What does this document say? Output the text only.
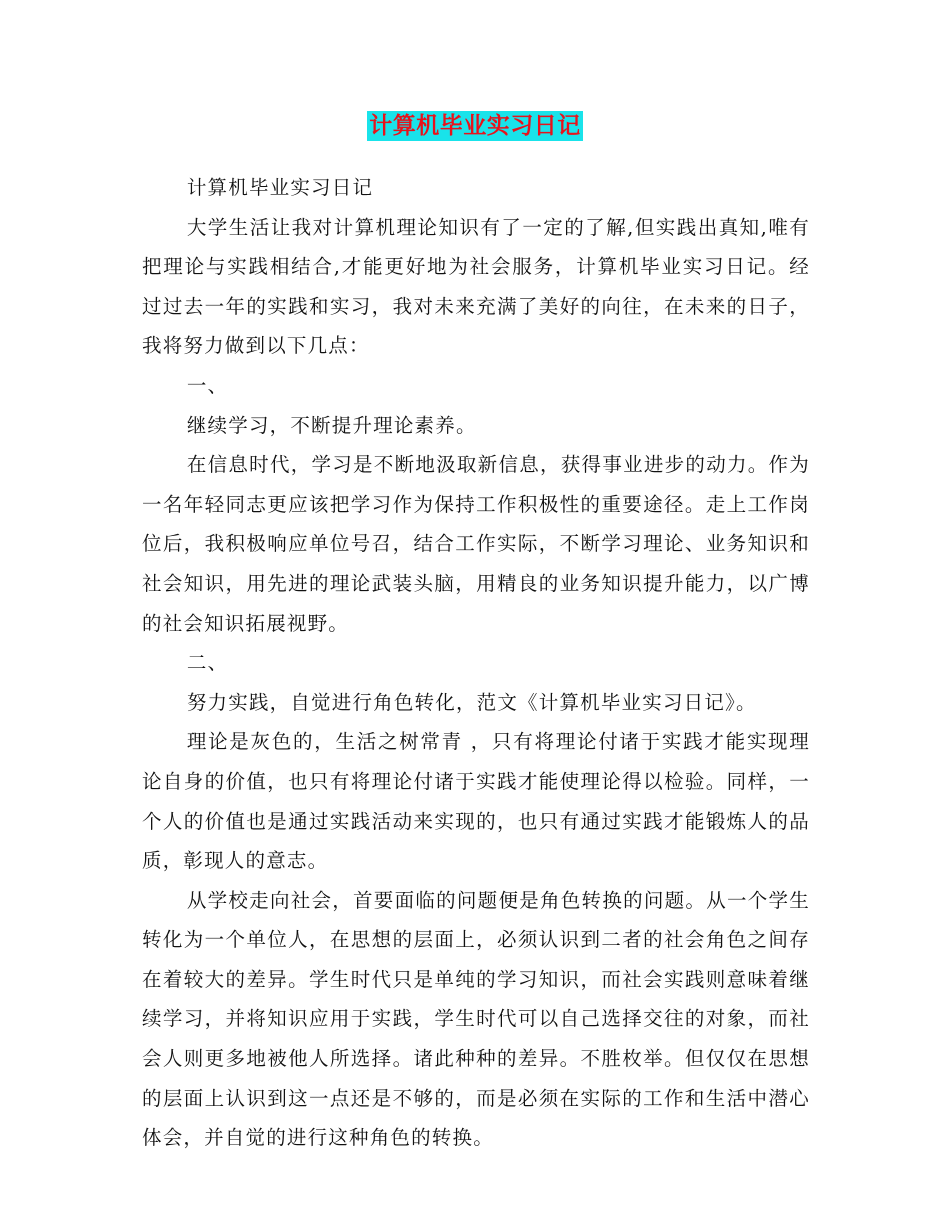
计算机毕业实习日记

计算机毕业实习日记

大学生活让我对计算机理论知识有了一定的了解,但实践出真知,唯有把理论与实践相结合,才能更好地为社会服务，计算机毕业实习日记。经过过去一年的实践和实习，我对未来充满了美好的向往，在未来的日子，我将努力做到以下几点：

一、

继续学习，不断提升理论素养。

在信息时代，学习是不断地汲取新信息，获得事业进步的动力。作为一名年轻同志更应该把学习作为保持工作积极性的重要途径。走上工作岗位后，我积极响应单位号召，结合工作实际，不断学习理论、业务知识和社会知识，用先进的理论武装头脑，用精良的业务知识提升能力，以广博的社会知识拓展视野。

二、

努力实践，自觉进行角色转化，范文《计算机毕业实习日记》。

理论是灰色的，生活之树常青 ，只有将理论付诸于实践才能实现理论自身的价值，也只有将理论付诸于实践才能使理论得以检验。同样，一个人的价值也是通过实践活动来实现的，也只有通过实践才能锻炼人的品质，彰现人的意志。

从学校走向社会，首要面临的问题便是角色转换的问题。从一个学生转化为一个单位人，在思想的层面上，必须认识到二者的社会角色之间存在着较大的差异。学生时代只是单纯的学习知识，而社会实践则意味着继续学习，并将知识应用于实践，学生时代可以自己选择交往的对象，而社会人则更多地被他人所选择。诸此种种的差异。不胜枚举。但仅仅在思想的层面上认识到这一点还是不够的，而是必须在实际的工作和生活中潜心体会，并自觉的进行这种角色的转换。
